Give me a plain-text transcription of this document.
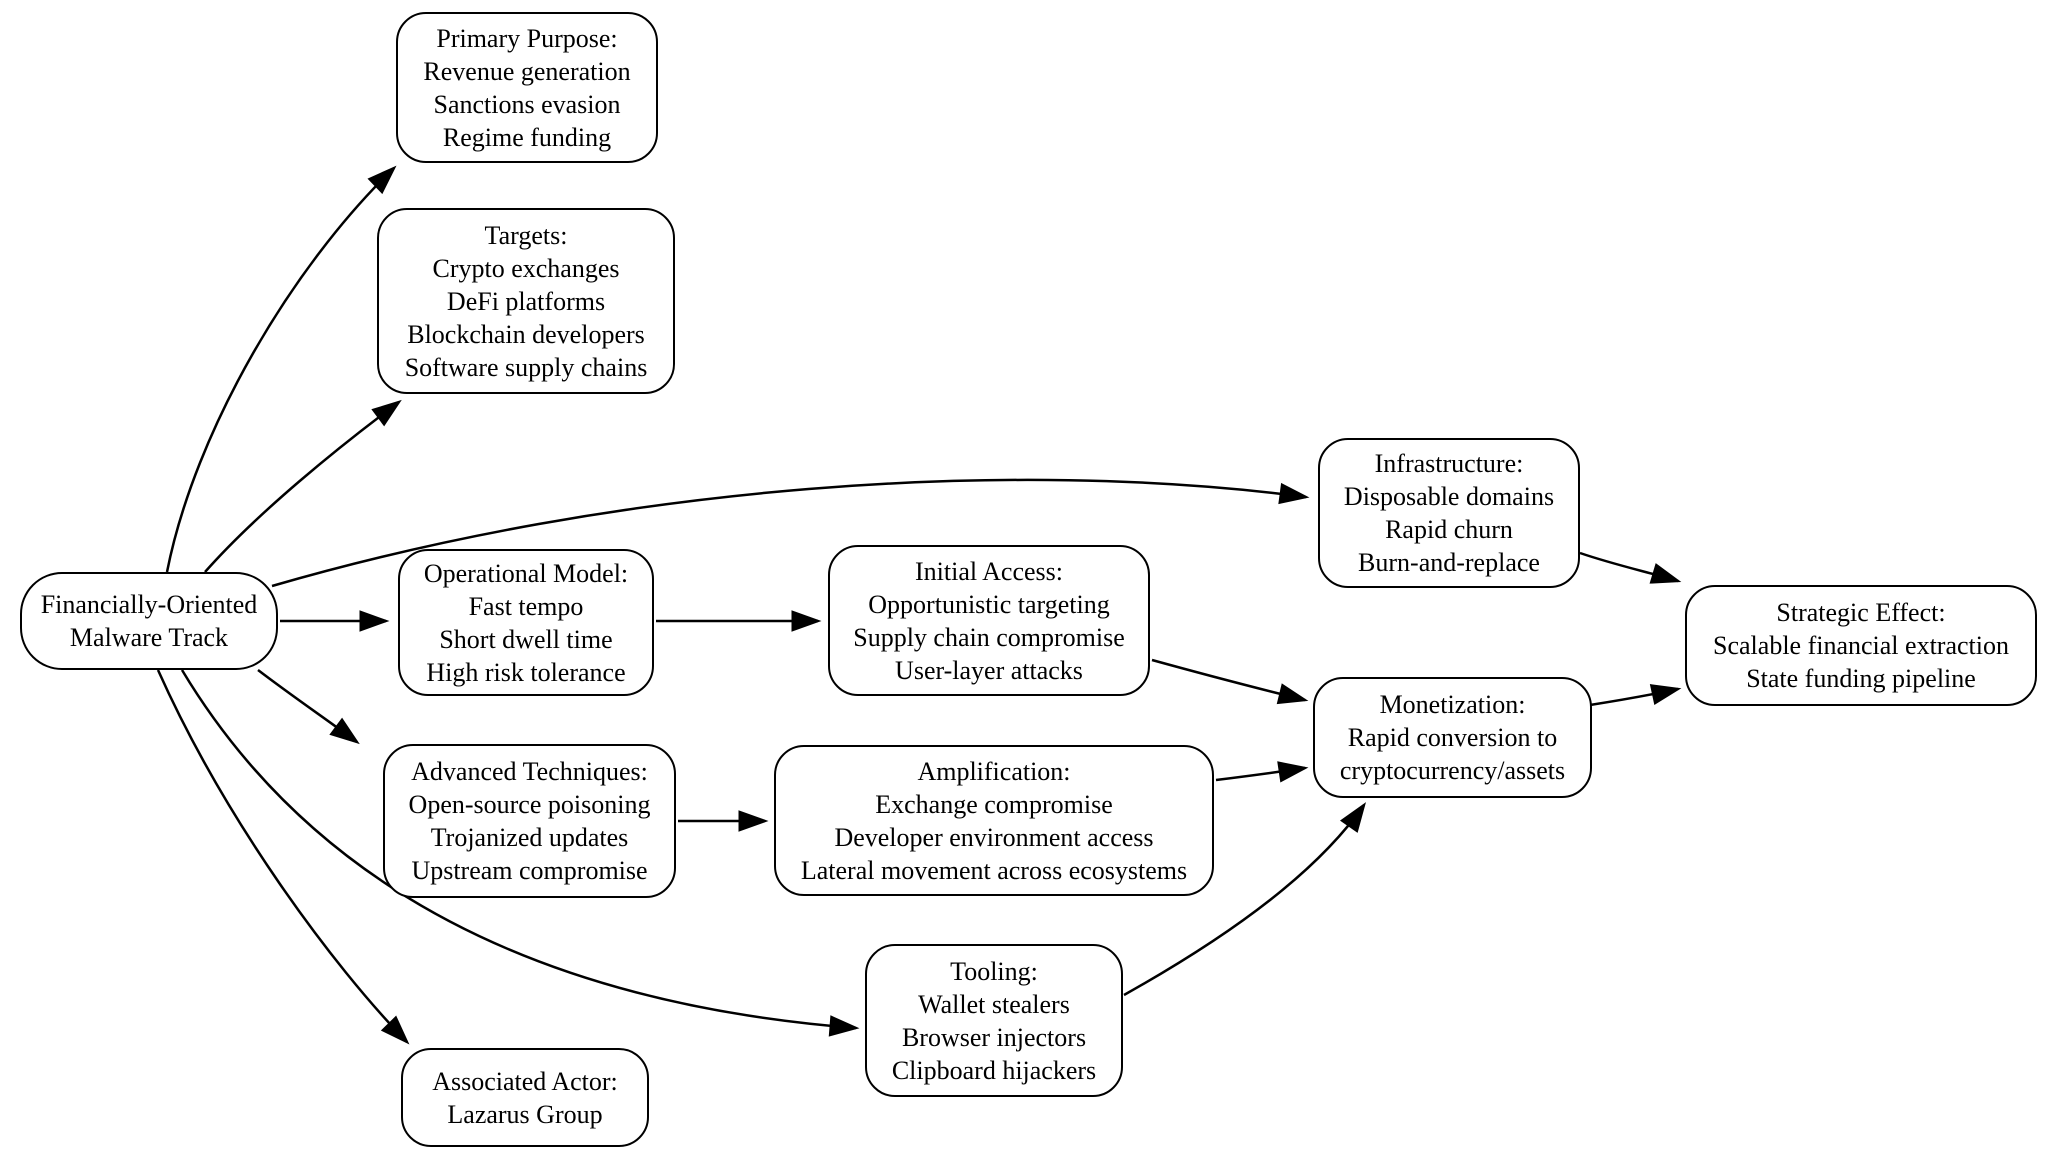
Financially-Oriented
Malware Track
Primary Purpose:
Revenue generation
Sanctions evasion
Regime funding
Targets:
Crypto exchanges
DeFi platforms
Blockchain developers
Software supply chains
Operational Model:
Fast tempo
Short dwell time
High risk tolerance
Advanced Techniques:
Open-source poisoning
Trojanized updates
Upstream compromise
Associated Actor:
Lazarus Group
Initial Access:
Opportunistic targeting
Supply chain compromise
User-layer attacks
Amplification:
Exchange compromise
Developer environment access
Lateral movement across ecosystems
Tooling:
Wallet stealers
Browser injectors
Clipboard hijackers
Infrastructure:
Disposable domains
Rapid churn
Burn-and-replace
Monetization:
Rapid conversion to
cryptocurrency/assets
Strategic Effect:
Scalable financial extraction
State funding pipeline
